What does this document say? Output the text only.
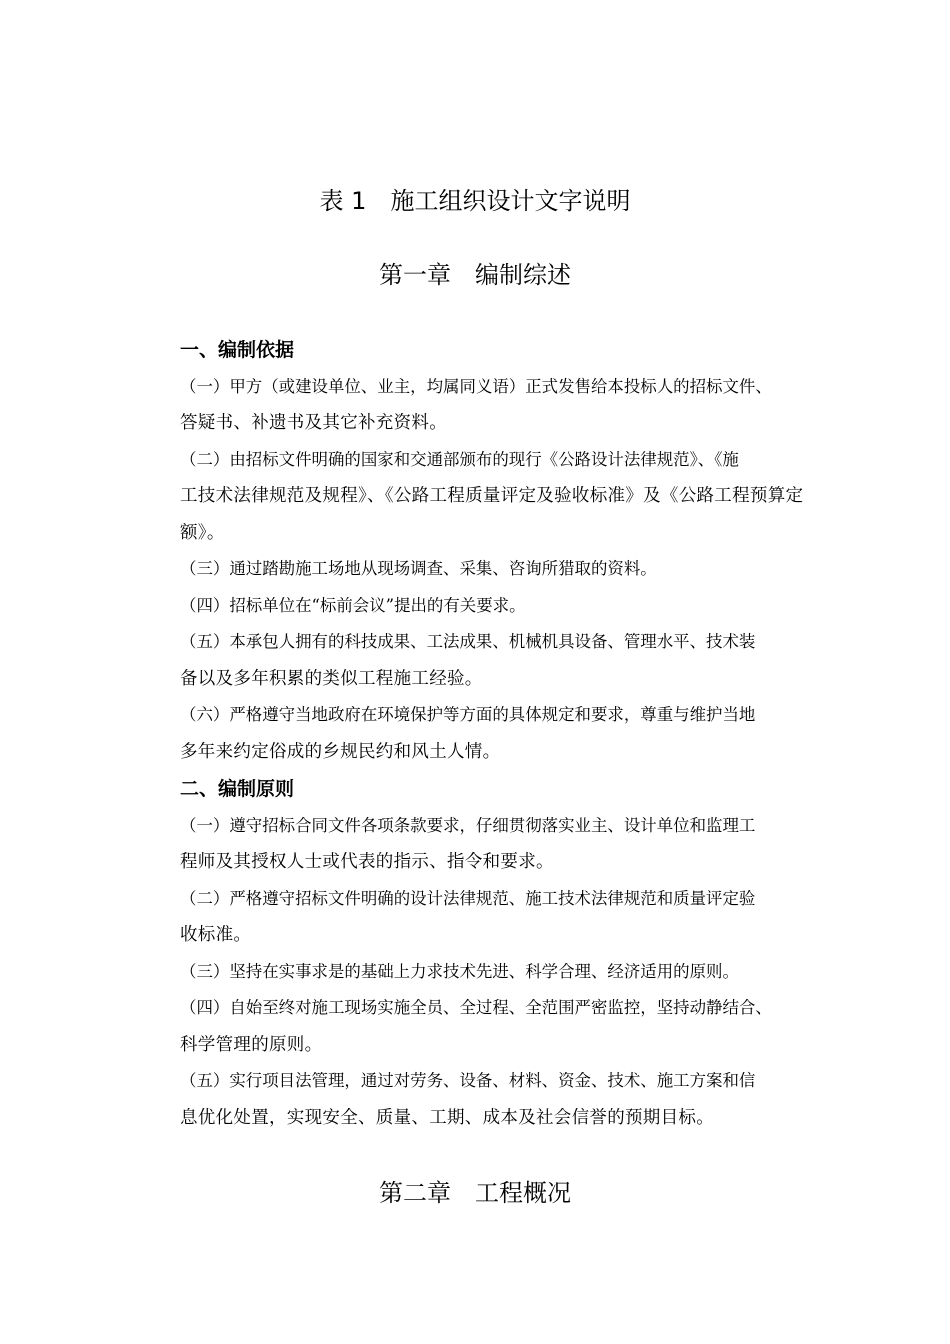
表 1　施工组织设计文字说明
第一章　编制综述
一、编制依据

（一）甲方（或建设单位、业主，均属同义语）正式发售给本投标人的招标文件、
答疑书、补遗书及其它补充资料。

（二）由招标文件明确的国家和交通部颁布的现行《公路设计法律规范》、《施
工技术法律规范及规程》、《公路工程质量评定及验收标准》及《公路工程预算定
额》。

（三）通过踏勘施工场地从现场调查、采集、咨询所猎取的资料。

（四）招标单位在“标前会议”提出的有关要求。

（五）本承包人拥有的科技成果、工法成果、机械机具设备、管理水平、技术装
备以及多年积累的类似工程施工经验。

（六）严格遵守当地政府在环境保护等方面的具体规定和要求，尊重与维护当地
多年来约定俗成的乡规民约和风土人情。

二、编制原则

（一）遵守招标合同文件各项条款要求，仔细贯彻落实业主、设计单位和监理工
程师及其授权人士或代表的指示、指令和要求。

（二）严格遵守招标文件明确的设计法律规范、施工技术法律规范和质量评定验
收标准。

（三）坚持在实事求是的基础上力求技术先进、科学合理、经济适用的原则。

（四）自始至终对施工现场实施全员、全过程、全范围严密监控，坚持动静结合、
科学管理的原则。

（五）实行项目法管理，通过对劳务、设备、材料、资金、技术、施工方案和信
息优化处置，实现安全、质量、工期、成本及社会信誉的预期目标。

第二章　工程概况
